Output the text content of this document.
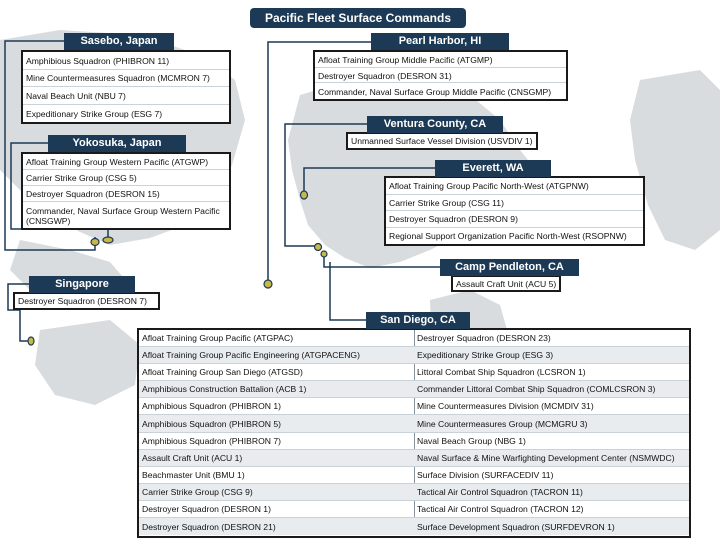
Pacific Fleet Surface Commands
Sasebo, Japan
Amphibious Squadron (PHIBRON 11)
Mine Countermeasures Squadron (MCMRON 7)
Naval Beach Unit (NBU 7)
Expeditionary Strike Group (ESG 7)
Yokosuka, Japan
Afloat Training Group Western Pacific (ATGWP)
Carrier Strike Group (CSG 5)
Destroyer Squadron (DESRON 15)
Commander, Naval Surface Group Western Pacific (CNSGWP)
Singapore
Destroyer Squadron (DESRON 7)
Pearl Harbor, HI
Afloat Training Group Middle Pacific (ATGMP)
Destroyer Squadron (DESRON 31)
Commander, Naval Surface Group Middle Pacific (CNSGMP)
Ventura County, CA
Unmanned Surface Vessel Division (USVDIV 1)
Everett, WA
Afloat Training Group Pacific North-West (ATGPNW)
Carrier Strike Group (CSG 11)
Destroyer Squadron (DESRON 9)
Regional Support Organization Pacific North-West (RSOPNW)
Camp Pendleton, CA
Assault Craft Unit (ACU 5)
San Diego, CA
Afloat Training Group Pacific (ATGPAC)
Afloat Training Group Pacific Engineering (ATGPACENG)
Afloat Training Group San Diego (ATGSD)
Amphibious Construction Battalion (ACB 1)
Amphibious Squadron (PHIBRON 1)
Amphibious Squadron (PHIBRON 5)
Amphibious Squadron (PHIBRON 7)
Assault Craft Unit (ACU 1)
Beachmaster Unit (BMU 1)
Carrier Strike Group (CSG 9)
Destroyer Squadron (DESRON 1)
Destroyer Squadron (DESRON 21)
Destroyer Squadron (DESRON 23)
Expeditionary Strike Group (ESG 3)
Littoral Combat Ship Squadron (LCSRON 1)
Commander Littoral Combat Ship Squadron (COMLCSRON 3)
Mine Countermeasures Division (MCMDIV 31)
Mine Countermeasures Group (MCMGRU 3)
Naval Beach Group (NBG 1)
Naval Surface & Mine Warfighting Development Center (NSMWDC)
Surface Division (SURFACEDIV 11)
Tactical Air Control Squadron (TACRON 11)
Tactical Air Control Squadron (TACRON 12)
Surface Development Squadron (SURFDEVRON 1)
